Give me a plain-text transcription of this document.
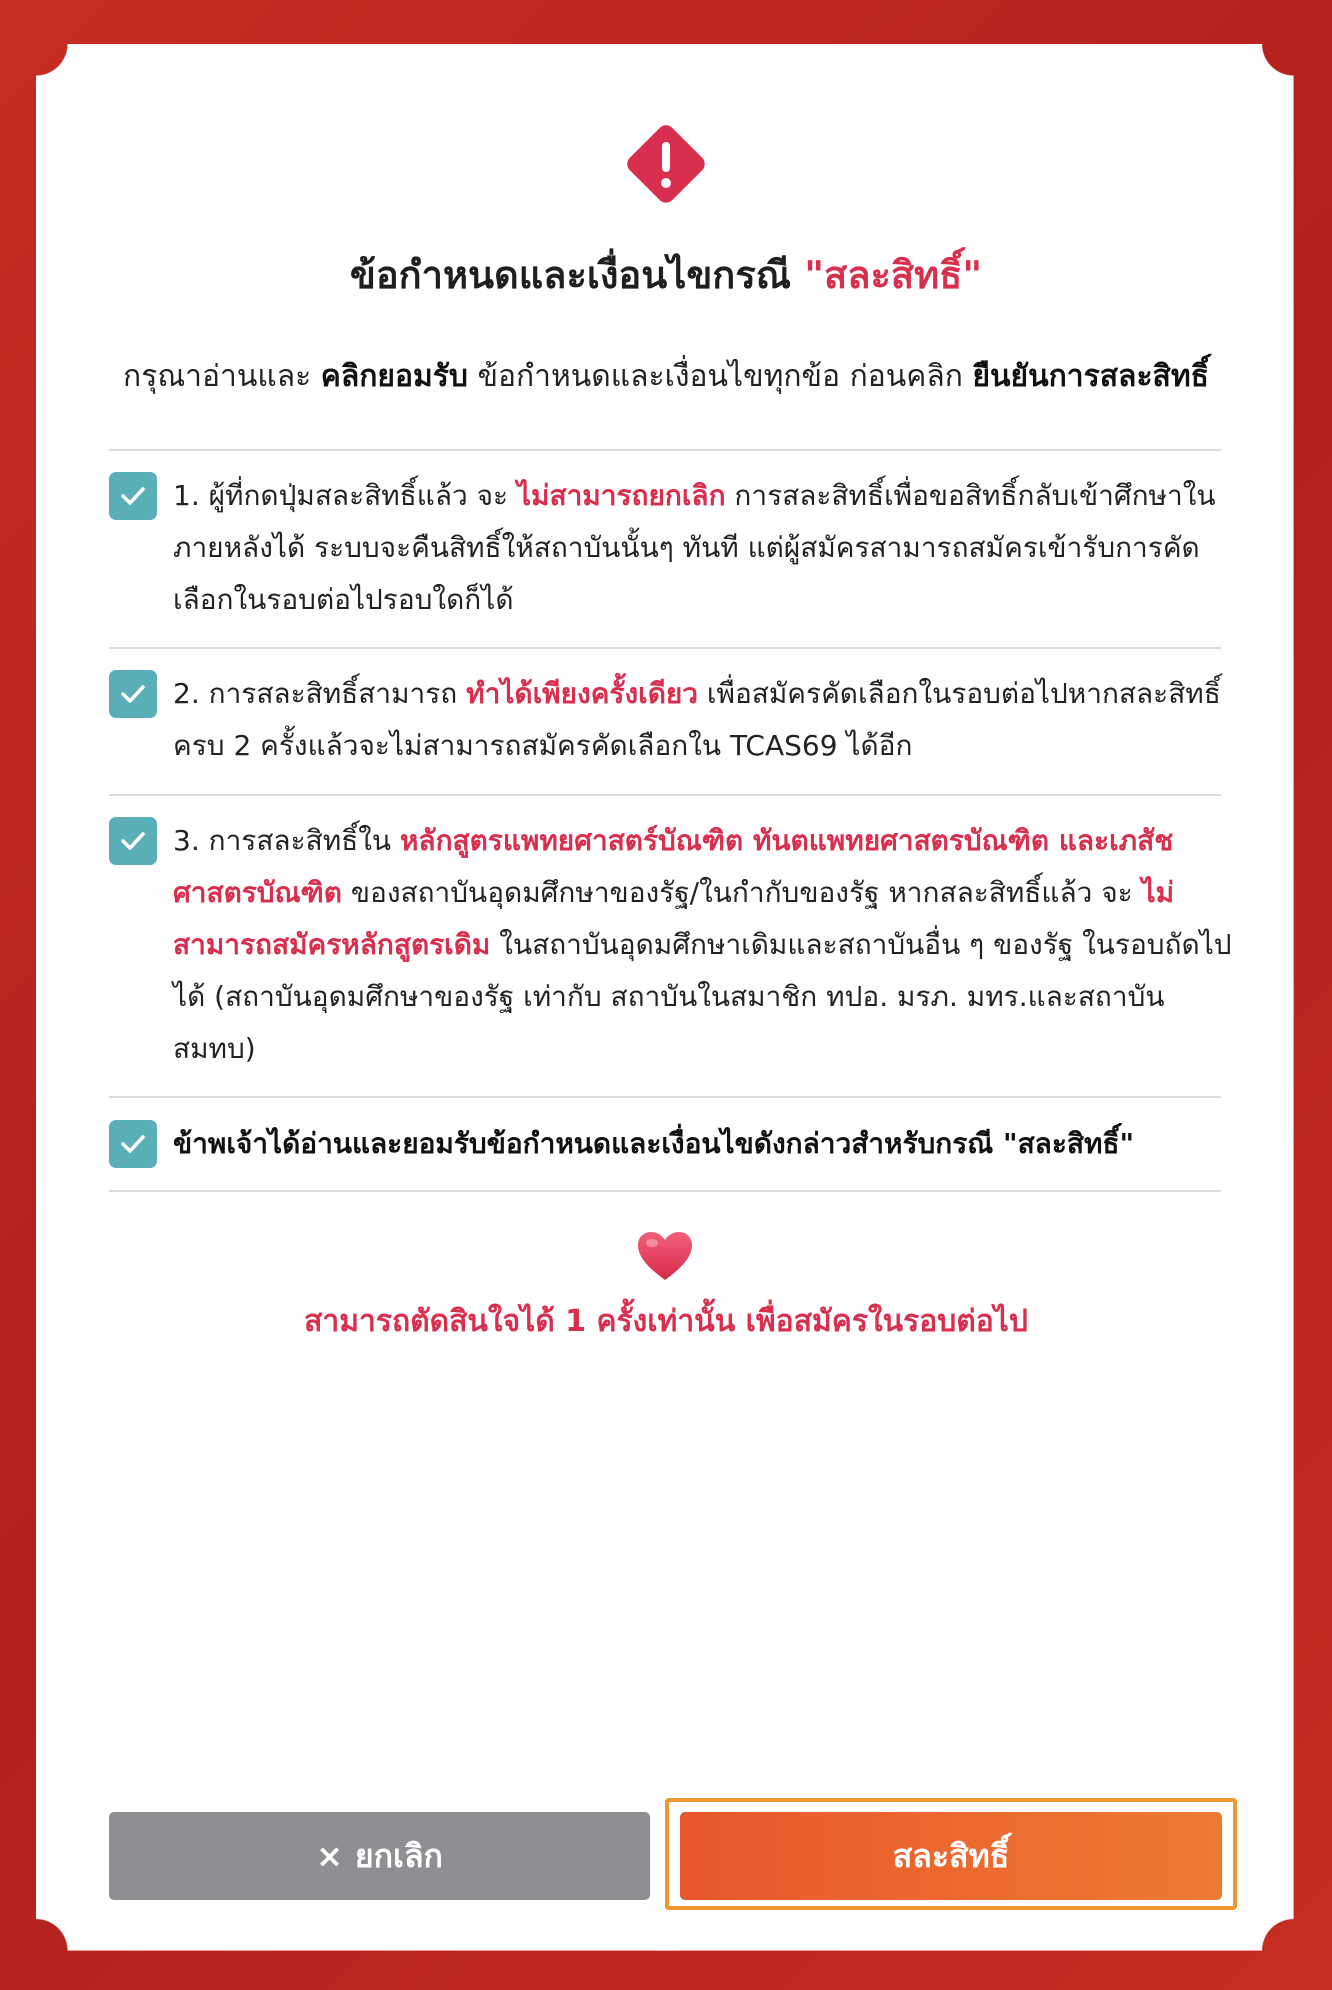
ข้อกำหนดและเงื่อนไขกรณี "สละสิทธิ์"
กรุณาอ่านและ คลิกยอมรับ ข้อกำหนดและเงื่อนไขทุกข้อ ก่อนคลิก ยืนยันการสละสิทธิ์
1. ผู้ที่กดปุ่มสละสิทธิ์แล้ว จะ ไม่สามารถยกเลิก การสละสิทธิ์เพื่อขอสิทธิ์กลับเข้าศึกษาในภายหลังได้ ระบบจะคืนสิทธิ์ให้สถาบันนั้นๆ ทันที แต่ผู้สมัครสามารถสมัครเข้ารับการคัดเลือกในรอบต่อไปรอบใดก็ได้
2. การสละสิทธิ์สามารถ ทำได้เพียงครั้งเดียว เพื่อสมัครคัดเลือกในรอบต่อไปหากสละสิทธิ์ครบ 2 ครั้งแล้วจะไม่สามารถสมัครคัดเลือกใน TCAS69 ได้อีก
3. การสละสิทธิ์ใน หลักสูตรแพทยศาสตร์บัณฑิต ทันตแพทยศาสตรบัณฑิต และเภสัชศาสตรบัณฑิต ของสถาบันอุดมศึกษาของรัฐ/ในกำกับของรัฐ หากสละสิทธิ์แล้ว จะ ไม่สามารถสมัครหลักสูตรเดิม ในสถาบันอุดมศึกษาเดิมและสถาบันอื่น ๆ ของรัฐ ในรอบถัดไปได้ (สถาบันอุดมศึกษาของรัฐ เท่ากับ สถาบันในสมาชิก ทปอ. มรภ. มทร.และสถาบันสมทบ)
ข้าพเจ้าได้อ่านและยอมรับข้อกำหนดและเงื่อนไขดังกล่าวสำหรับกรณี "สละสิทธิ์"
สามารถตัดสินใจได้ 1 ครั้งเท่านั้น เพื่อสมัครในรอบต่อไป
× ยกเลิก	สละสิทธิ์
